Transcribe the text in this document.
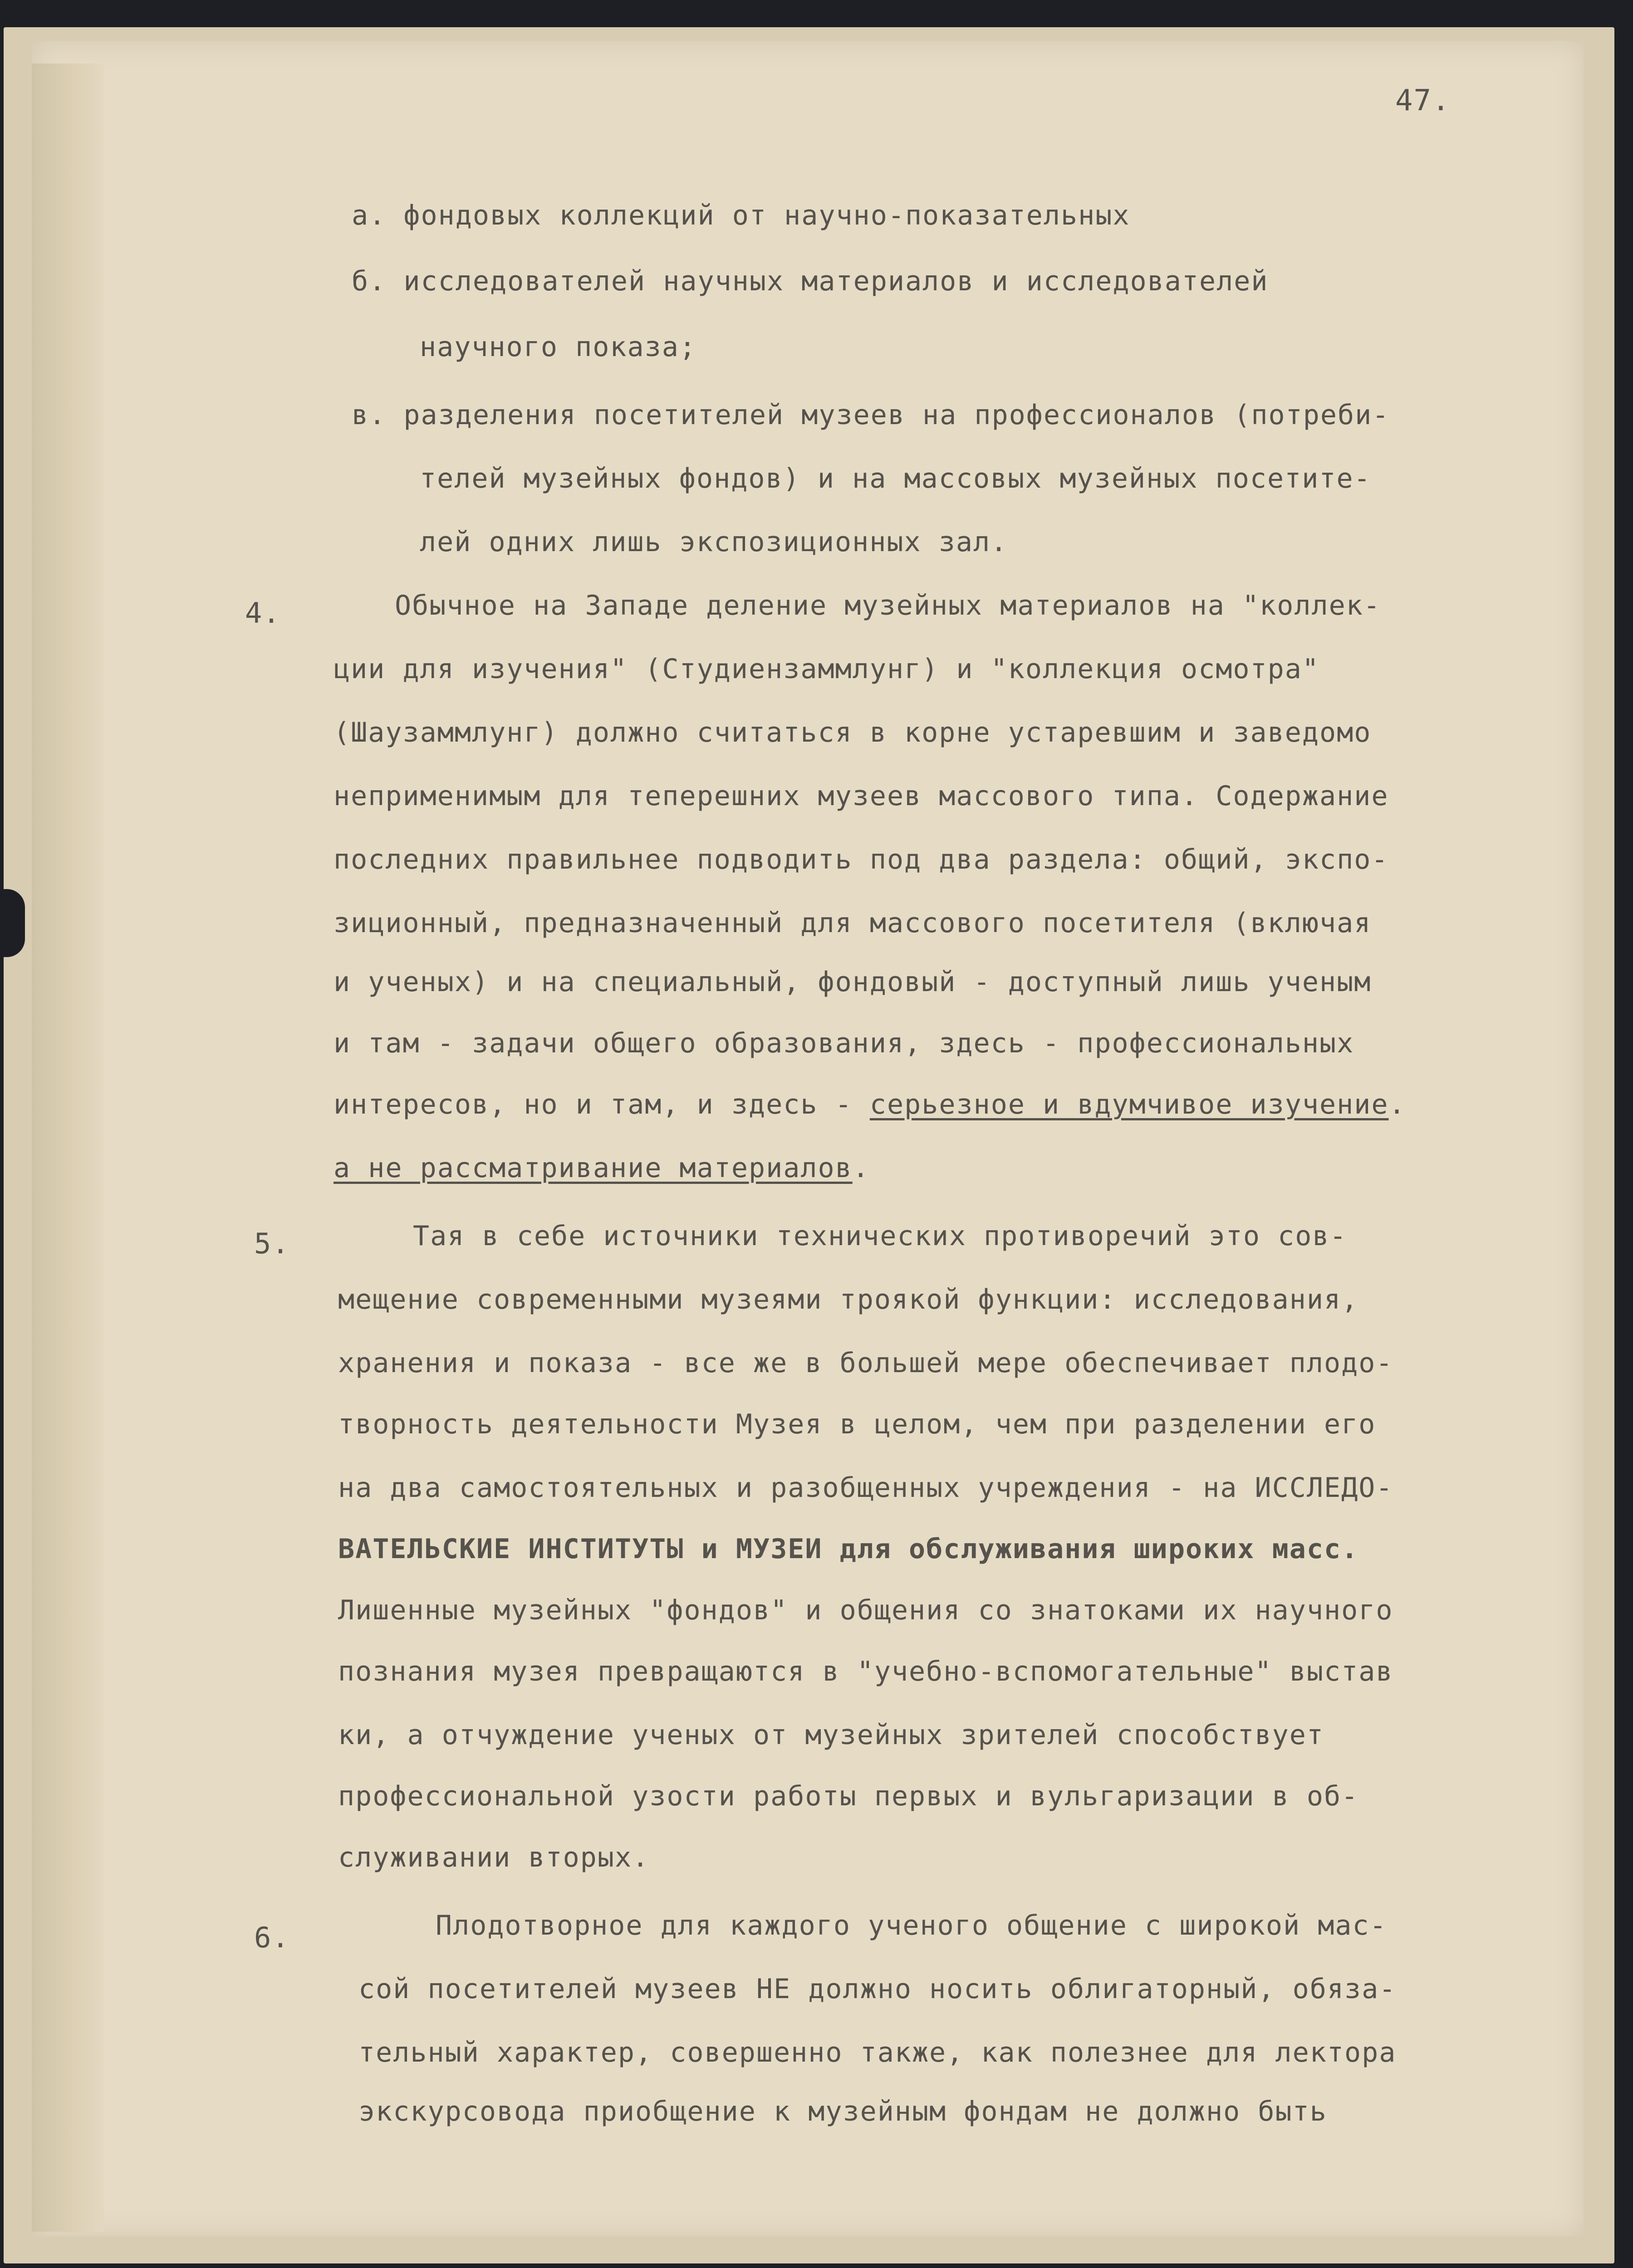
47.
а. фондовых коллекций от научно-показательных
б. исследователей научных материалов и исследователей
научного показа;
в. разделения посетителей музеев на профессионалов (потреби-
телей музейных фондов) и на массовых музейных посетите-
лей одних лишь экспозиционных зал.
4.	Обычное на Западе деление музейных материалов на "коллек-
ции для изучения" (Студиензаммлунг) и "коллекция осмотра"
(Шаузаммлунг) должно считаться в корне устаревшим и заведомо
неприменимым для теперешних музеев массового типа. Содержание
последних правильнее подводить под два раздела: общий, экспо-
зиционный, предназначенный для массового посетителя (включая
и ученых) и на специальный, фондовый - доступный лишь ученым
и там - задачи общего образования, здесь - профессиональных
интересов, но и там, и здесь - серьезное и вдумчивое изучение.
а не рассматривание материалов.
5.	Тая в себе источники технических противоречий это сов-
мещение современными музеями троякой функции: исследования,
хранения и показа - все же в большей мере обеспечивает плодо-
творность деятельности Музея в целом, чем при разделении его
на два самостоятельных и разобщенных учреждения - на ИССЛЕДО-
ВАТЕЛЬСКИЕ ИНСТИТУТЫ и МУЗЕИ для обслуживания широких масс.
Лишенные музейных "фондов" и общения со знатоками их научного
познания музея превращаются в "учебно-вспомогательные" выстав
ки, а отчуждение ученых от музейных зрителей способствует
профессиональной узости работы первых и вульгаризации в об-
служивании вторых.
6.	Плодотворное для каждого ученого общение с широкой мас-
сой посетителей музеев НЕ должно носить облигаторный, обяза-
тельный характер, совершенно также, как полезнее для лектора
экскурсовода приобщение к музейным фондам не должно быть
